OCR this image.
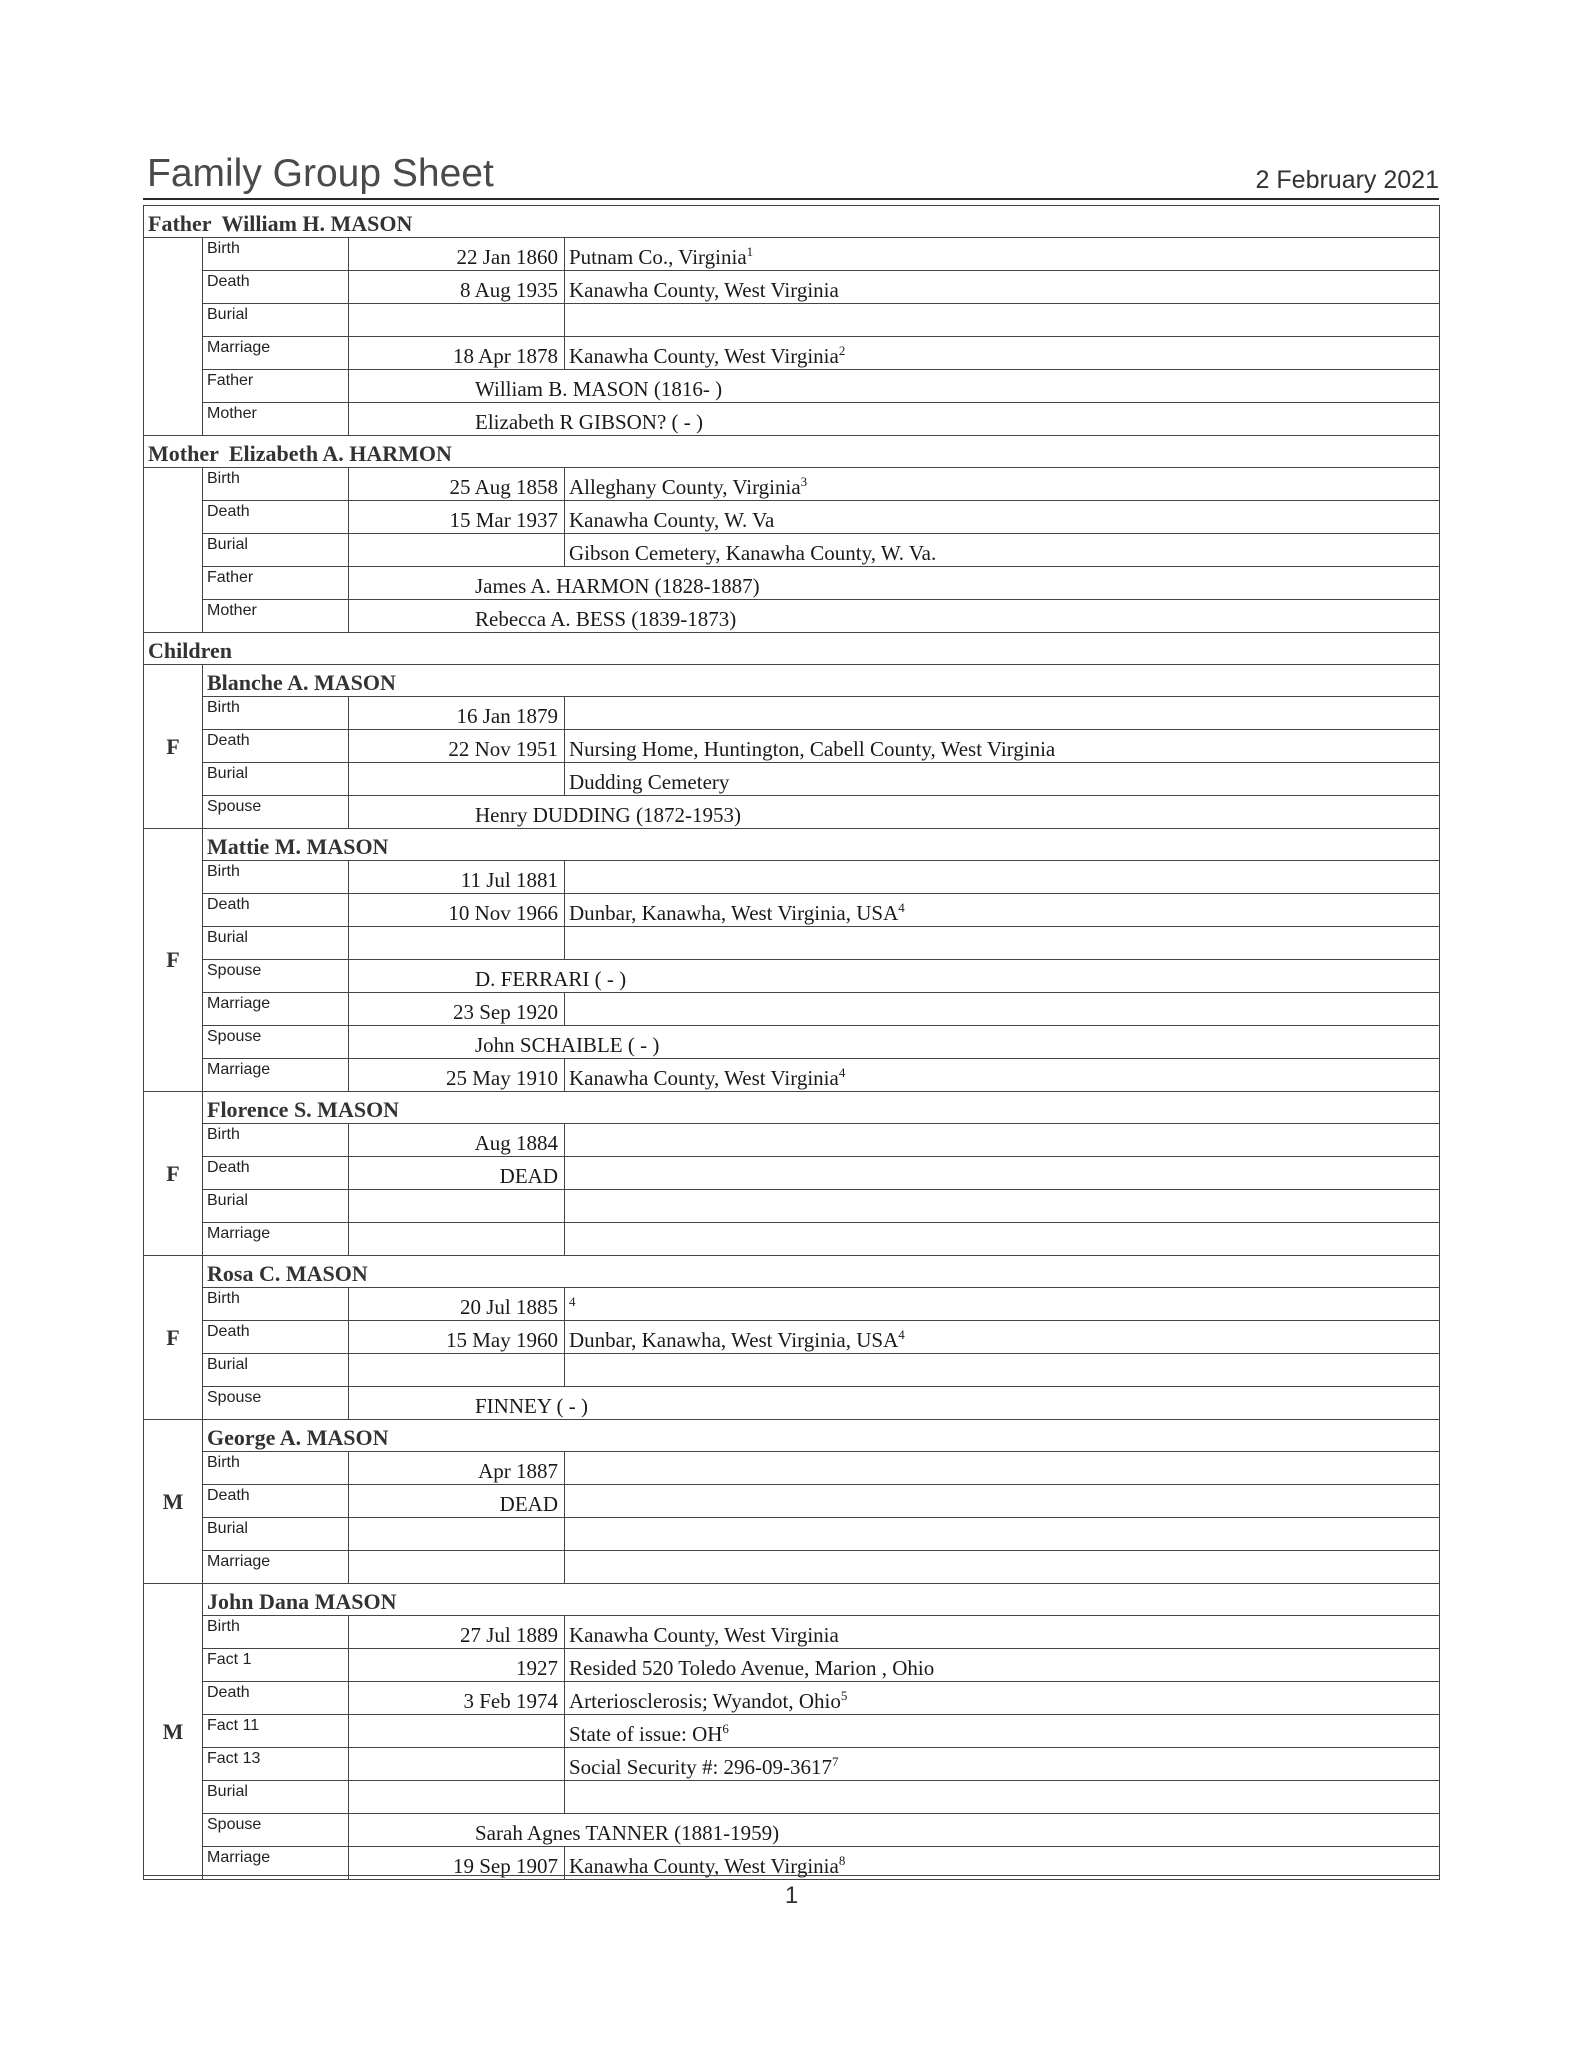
Family Group Sheet	2 February 2021
Father William H. MASON			
	Birth	22 Jan 1860	Putnam Co., Virginia$^1$
	Death	8 Aug 1935	Kanawha County, West Virginia
	Burial		
	Marriage	18 Apr 1878	Kanawha County, West Virginia$^2$
	Father	William B. MASON (1816- )	

	Mother	Elizabeth R GIBSON? ( - )	

Mother Elizabeth A. HARMON			
	Birth	25 Aug 1858	Alleghany County, Virginia$^3$
	Death	15 Mar 1937	Kanawha County, W. Va
	Burial		Gibson Cemetery, Kanawha County, W. Va.
	Father	James A. HARMON (1828-1887)	

	Mother	Rebecca A. BESS (1839-1873)	

Children			
F	Blanche A. MASON		
	Birth	16 Jan 1879	
	Death	22 Nov 1951	Nursing Home, Huntington, Cabell County, West Virginia
	Burial		Dudding Cemetery
	Spouse	Henry DUDDING (1872-1953)	

F	Mattie M. MASON		
	Birth	11 Jul 1881	
	Death	10 Nov 1966	Dunbar, Kanawha, West Virginia, USA$^4$
	Burial		
	Spouse	D. FERRARI ( - )	

	Marriage	23 Sep 1920	
	Spouse	John SCHAIBLE ( - )	

	Marriage	25 May 1910	Kanawha County, West Virginia$^4$
F	Florence S. MASON		
	Birth	Aug 1884	
	Death	DEAD	
	Burial		
	Marriage		
F	Rosa C. MASON		
	Birth	20 Jul 1885	$^4$
	Death	15 May 1960	Dunbar, Kanawha, West Virginia, USA$^4$
	Burial		
	Spouse	FINNEY ( - )	

M	George A. MASON		
	Birth	Apr 1887	
	Death	DEAD	
	Burial		
	Marriage		
M	John Dana MASON		
	Birth	27 Jul 1889	Kanawha County, West Virginia
	Fact 1	1927	Resided 520 Toledo Avenue, Marion , Ohio
	Death	3 Feb 1974	Arteriosclerosis; Wyandot, Ohio$^5$
	Fact 11		State of issue: $OH^6$
	Fact 13		Social Security #: 296-09-3617$^7$
	Burial		
	Spouse	Sarah Agnes TANNER (1881-1959)	

	Marriage	19 Sep 1907	Kanawha County, West Virginia$^8$
1
